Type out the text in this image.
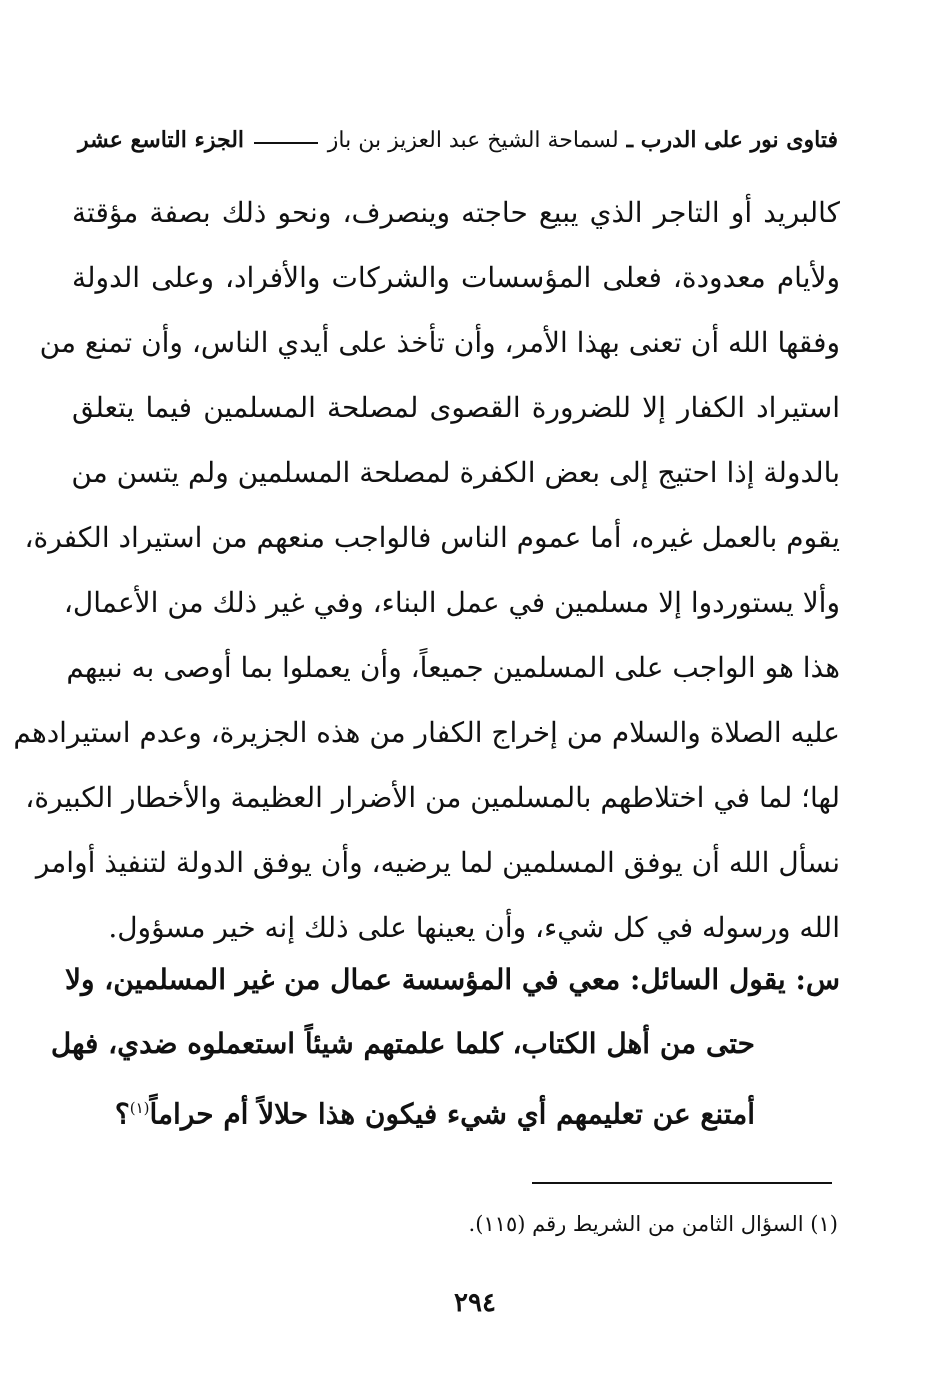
فتاوى نور على الدرب ـ
لسماحة الشيخ عبد العزيز بن باز
الجزء التاسع عشر
كالبريد أو التاجر الذي يبيع حاجته وينصرف، ونحو ذلك بصفة مؤقتة
ولأيام معدودة، فعلى المؤسسات والشركات والأفراد، وعلى الدولة
وفقها الله أن تعنى بهذا الأمر، وأن تأخذ على أيدي الناس، وأن تمنع من
استيراد الكفار إلا للضرورة القصوى لمصلحة المسلمين فيما يتعلق
بالدولة إذا احتيج إلى بعض الكفرة لمصلحة المسلمين ولم يتسن من
يقوم بالعمل غيره، أما عموم الناس فالواجب منعهم من استيراد الكفرة،
وألا يستوردوا إلا مسلمين في عمل البناء، وفي غير ذلك من الأعمال،
هذا هو الواجب على المسلمين جميعاً، وأن يعملوا بما أوصى به نبيهم
عليه الصلاة والسلام من إخراج الكفار من هذه الجزيرة، وعدم استيرادهم
لها؛ لما في اختلاطهم بالمسلمين من الأضرار العظيمة والأخطار الكبيرة،
نسأل الله أن يوفق المسلمين لما يرضيه، وأن يوفق الدولة لتنفيذ أوامر
الله ورسوله في كل شيء، وأن يعينها على ذلك إنه خير مسؤول.
س: يقول السائل: معي في المؤسسة عمال من غير المسلمين، ولا
حتى من أهل الكتاب، كلما علمتهم شيئاً استعملوه ضدي، فهل
أمتنع عن تعليمهم أي شيء فيكون هذا حلالاً أم حراماً$^{(١)}$؟
(١) السؤال الثامن من الشريط رقم (١١٥).
٢٩٤
